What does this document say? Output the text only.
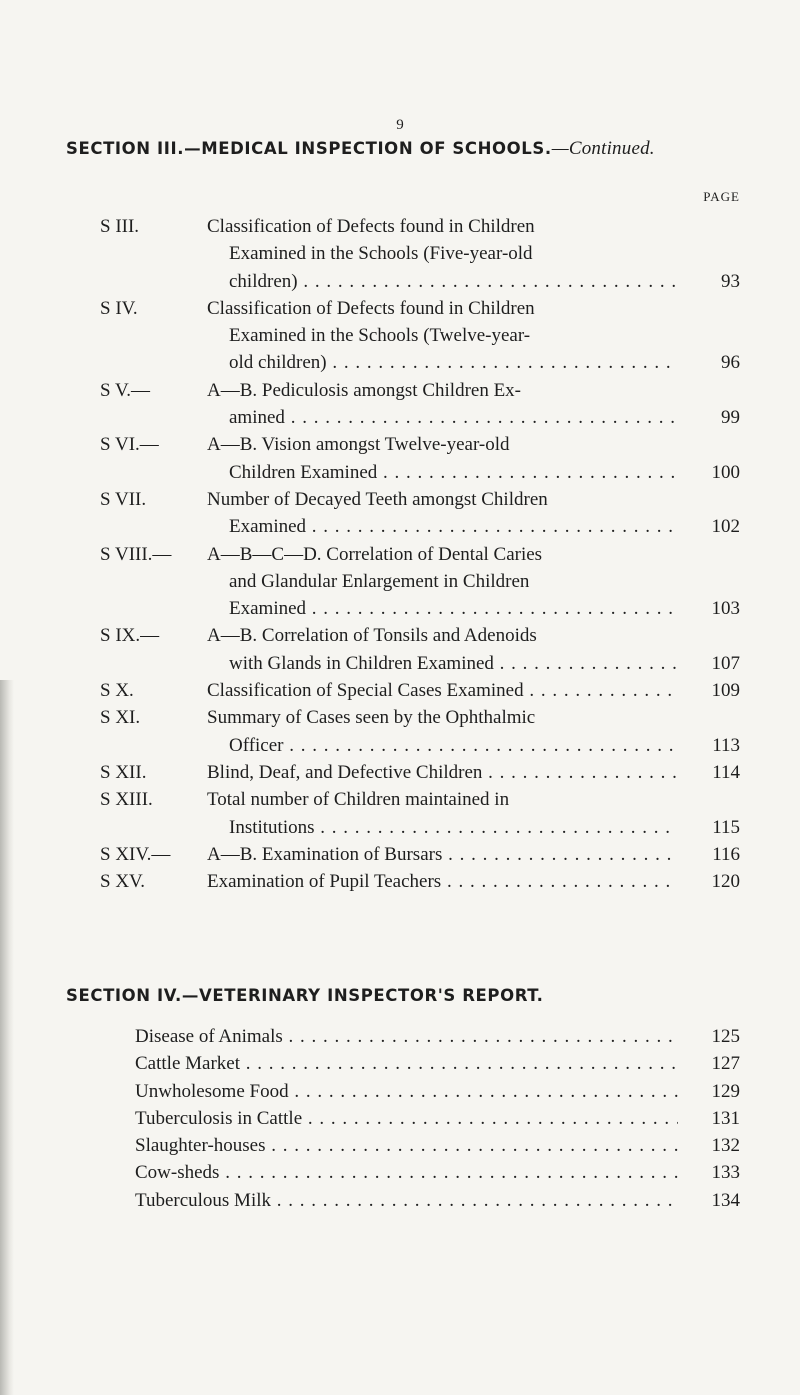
9
SECTION III.—MEDICAL INSPECTION OF SCHOOLS.—Continued.
PAGE
S III.	Classification of Defects found in Children
Examined in the Schools (Five-year-old
children) . . .	93
S IV.	Classification of Defects found in Children
Examined in the Schools (Twelve-year-
old children) . . .	96
S V.—	A—B. Pediculosis amongst Children Ex-
amined . . .	99
S VI.—	A—B. Vision amongst Twelve-year-old
Children Examined . . .	100
S VII.	Number of Decayed Teeth amongst Children
Examined . . .	102
S VIII.—	A—B—C—D. Correlation of Dental Caries
and Glandular Enlargement in Children
Examined . . .	103
S IX.—	A—B. Correlation of Tonsils and Adenoids
with Glands in Children Examined . . .	107
S X.	Classification of Special Cases Examined . . .	109
S XI.	Summary of Cases seen by the Ophthalmic
Officer . . .	113
S XII.	Blind, Deaf, and Defective Children . . .	114
S XIII.	Total number of Children maintained in
Institutions . . .	115
S XIV.—	A—B. Examination of Bursars . . .	116
S XV.	Examination of Pupil Teachers . . .	120
SECTION IV.—VETERINARY INSPECTOR'S REPORT.
Disease of Animals . . .	125
Cattle Market . . .	127
Unwholesome Food . . .	129
Tuberculosis in Cattle . . .	131
Slaughter-houses . . .	132
Cow-sheds . . .	133
Tuberculous Milk . . .	134
